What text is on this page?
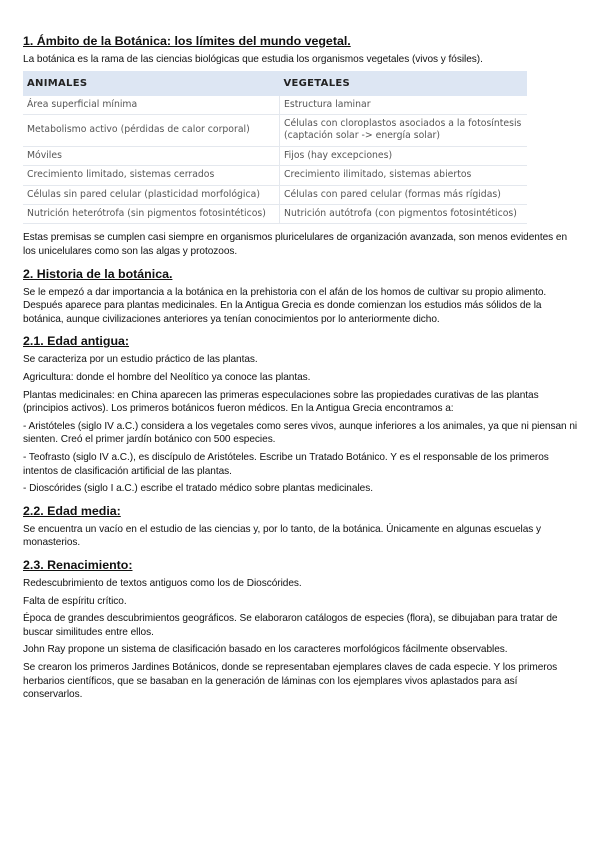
1. Ámbito de la Botánica: los límites del mundo vegetal.

La botánica es la rama de las ciencias biológicas que estudia los organismos vegetales (vivos y fósiles).

ANIMALES	VEGETALES
Área superficial mínima	Estructura laminar
Metabolismo activo (pérdidas de calor corporal)	Células con cloroplastos asociados a la fotosíntesis (captación solar -> energía solar)
Móviles	Fijos (hay excepciones)
Crecimiento limitado, sistemas cerrados	Crecimiento ilimitado, sistemas abiertos
Células sin pared celular (plasticidad morfológica)	Células con pared celular (formas más rígidas)
Nutrición heterótrofa (sin pigmentos fotosintéticos)	Nutrición autótrofa (con pigmentos fotosintéticos)

Estas premisas se cumplen casi siempre en organismos pluricelulares de organización avanzada, son menos evidentes en los unicelulares como son las algas y protozoos.

2. Historia de la botánica.

Se le empezó a dar importancia a la botánica en la prehistoria con el afán de los homos de cultivar su propio alimento. Después aparece para plantas medicinales. En la Antigua Grecia es donde comienzan los estudios más sólidos de la botánica, aunque civilizaciones anteriores ya tenían conocimientos por lo anteriormente dicho.

2.1. Edad antigua:

Se caracteriza por un estudio práctico de las plantas.

Agricultura: donde el hombre del Neolítico ya conoce las plantas.

Plantas medicinales: en China aparecen las primeras especulaciones sobre las propiedades curativas de las plantas (principios activos). Los primeros botánicos fueron médicos. En la Antigua Grecia encontramos a:

- Aristóteles (siglo IV a.C.) considera a los vegetales como seres vivos, aunque inferiores a los animales, ya que ni piensan ni sienten. Creó el primer jardín botánico con 500 especies.

- Teofrasto (siglo IV a.C.), es discípulo de Aristóteles. Escribe un Tratado Botánico. Y es el responsable de los primeros intentos de clasificación artificial de las plantas.

- Dioscórides (siglo I a.C.) escribe el tratado médico sobre plantas medicinales.

2.2. Edad media:

Se encuentra un vacío en el estudio de las ciencias y, por lo tanto, de la botánica. Únicamente en algunas escuelas y monasterios.

2.3. Renacimiento:

Redescubrimiento de textos antiguos como los de Dioscórides.

Falta de espíritu crítico.

Época de grandes descubrimientos geográficos. Se elaboraron catálogos de especies (flora), se dibujaban para tratar de buscar similitudes entre ellos.

John Ray propone un sistema de clasificación basado en los caracteres morfológicos fácilmente observables.

Se crearon los primeros Jardines Botánicos, donde se representaban ejemplares claves de cada especie. Y los primeros herbarios científicos, que se basaban en la generación de láminas con los ejemplares vivos aplastados para así conservarlos.
